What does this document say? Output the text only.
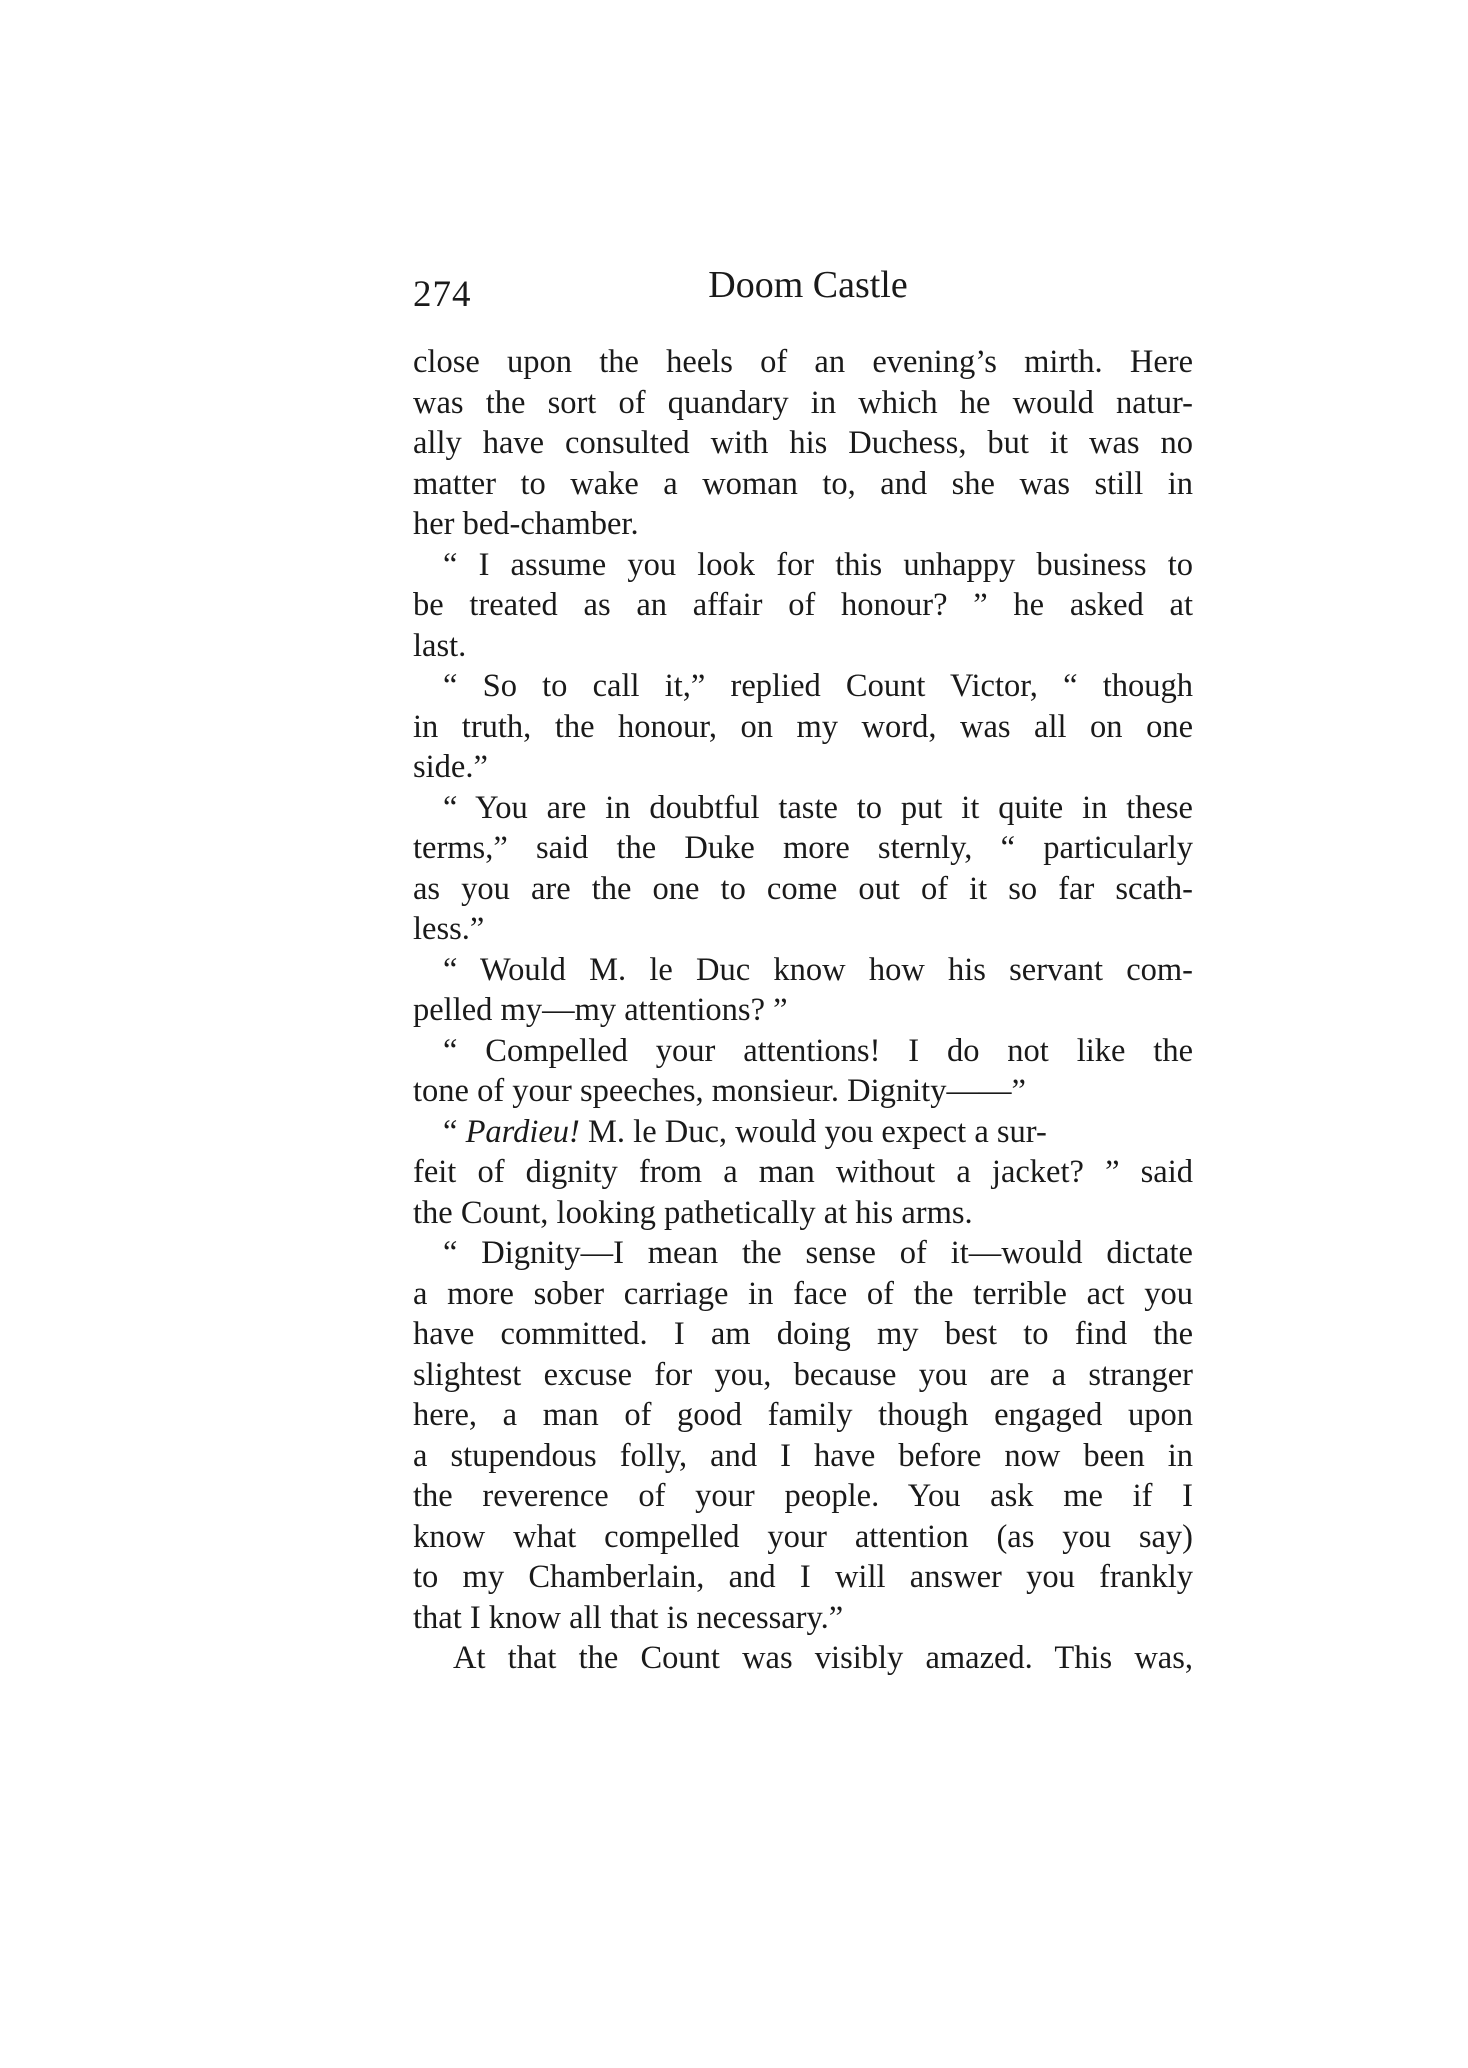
274	Doom Castle
close upon the heels of an evening’s mirth. Here
was the sort of quandary in which he would natur-
ally have consulted with his Duchess, but it was no
matter to wake a woman to, and she was still in
her bed-chamber.
“ I assume you look for this unhappy business to
be treated as an affair of honour? ” he asked at
last.
“ So to call it,” replied Count Victor, “ though
in truth, the honour, on my word, was all on one
side.”
“ You are in doubtful taste to put it quite in these
terms,” said the Duke more sternly, “ particularly
as you are the one to come out of it so far scath-
less.”
“ Would M. le Duc know how his servant com-
pelled my—my attentions? ”
“ Compelled your attentions! I do not like the
tone of your speeches, monsieur. Dignity——”
“ Pardieu! M. le Duc, would you expect a sur-
feit of dignity from a man without a jacket? ” said
the Count, looking pathetically at his arms.
“ Dignity—I mean the sense of it—would dictate
a more sober carriage in face of the terrible act you
have committed. I am doing my best to find the
slightest excuse for you, because you are a stranger
here, a man of good family though engaged upon
a stupendous folly, and I have before now been in
the reverence of your people. You ask me if I
know what compelled your attention (as you say)
to my Chamberlain, and I will answer you frankly
that I know all that is necessary.”
At that the Count was visibly amazed. This was,
